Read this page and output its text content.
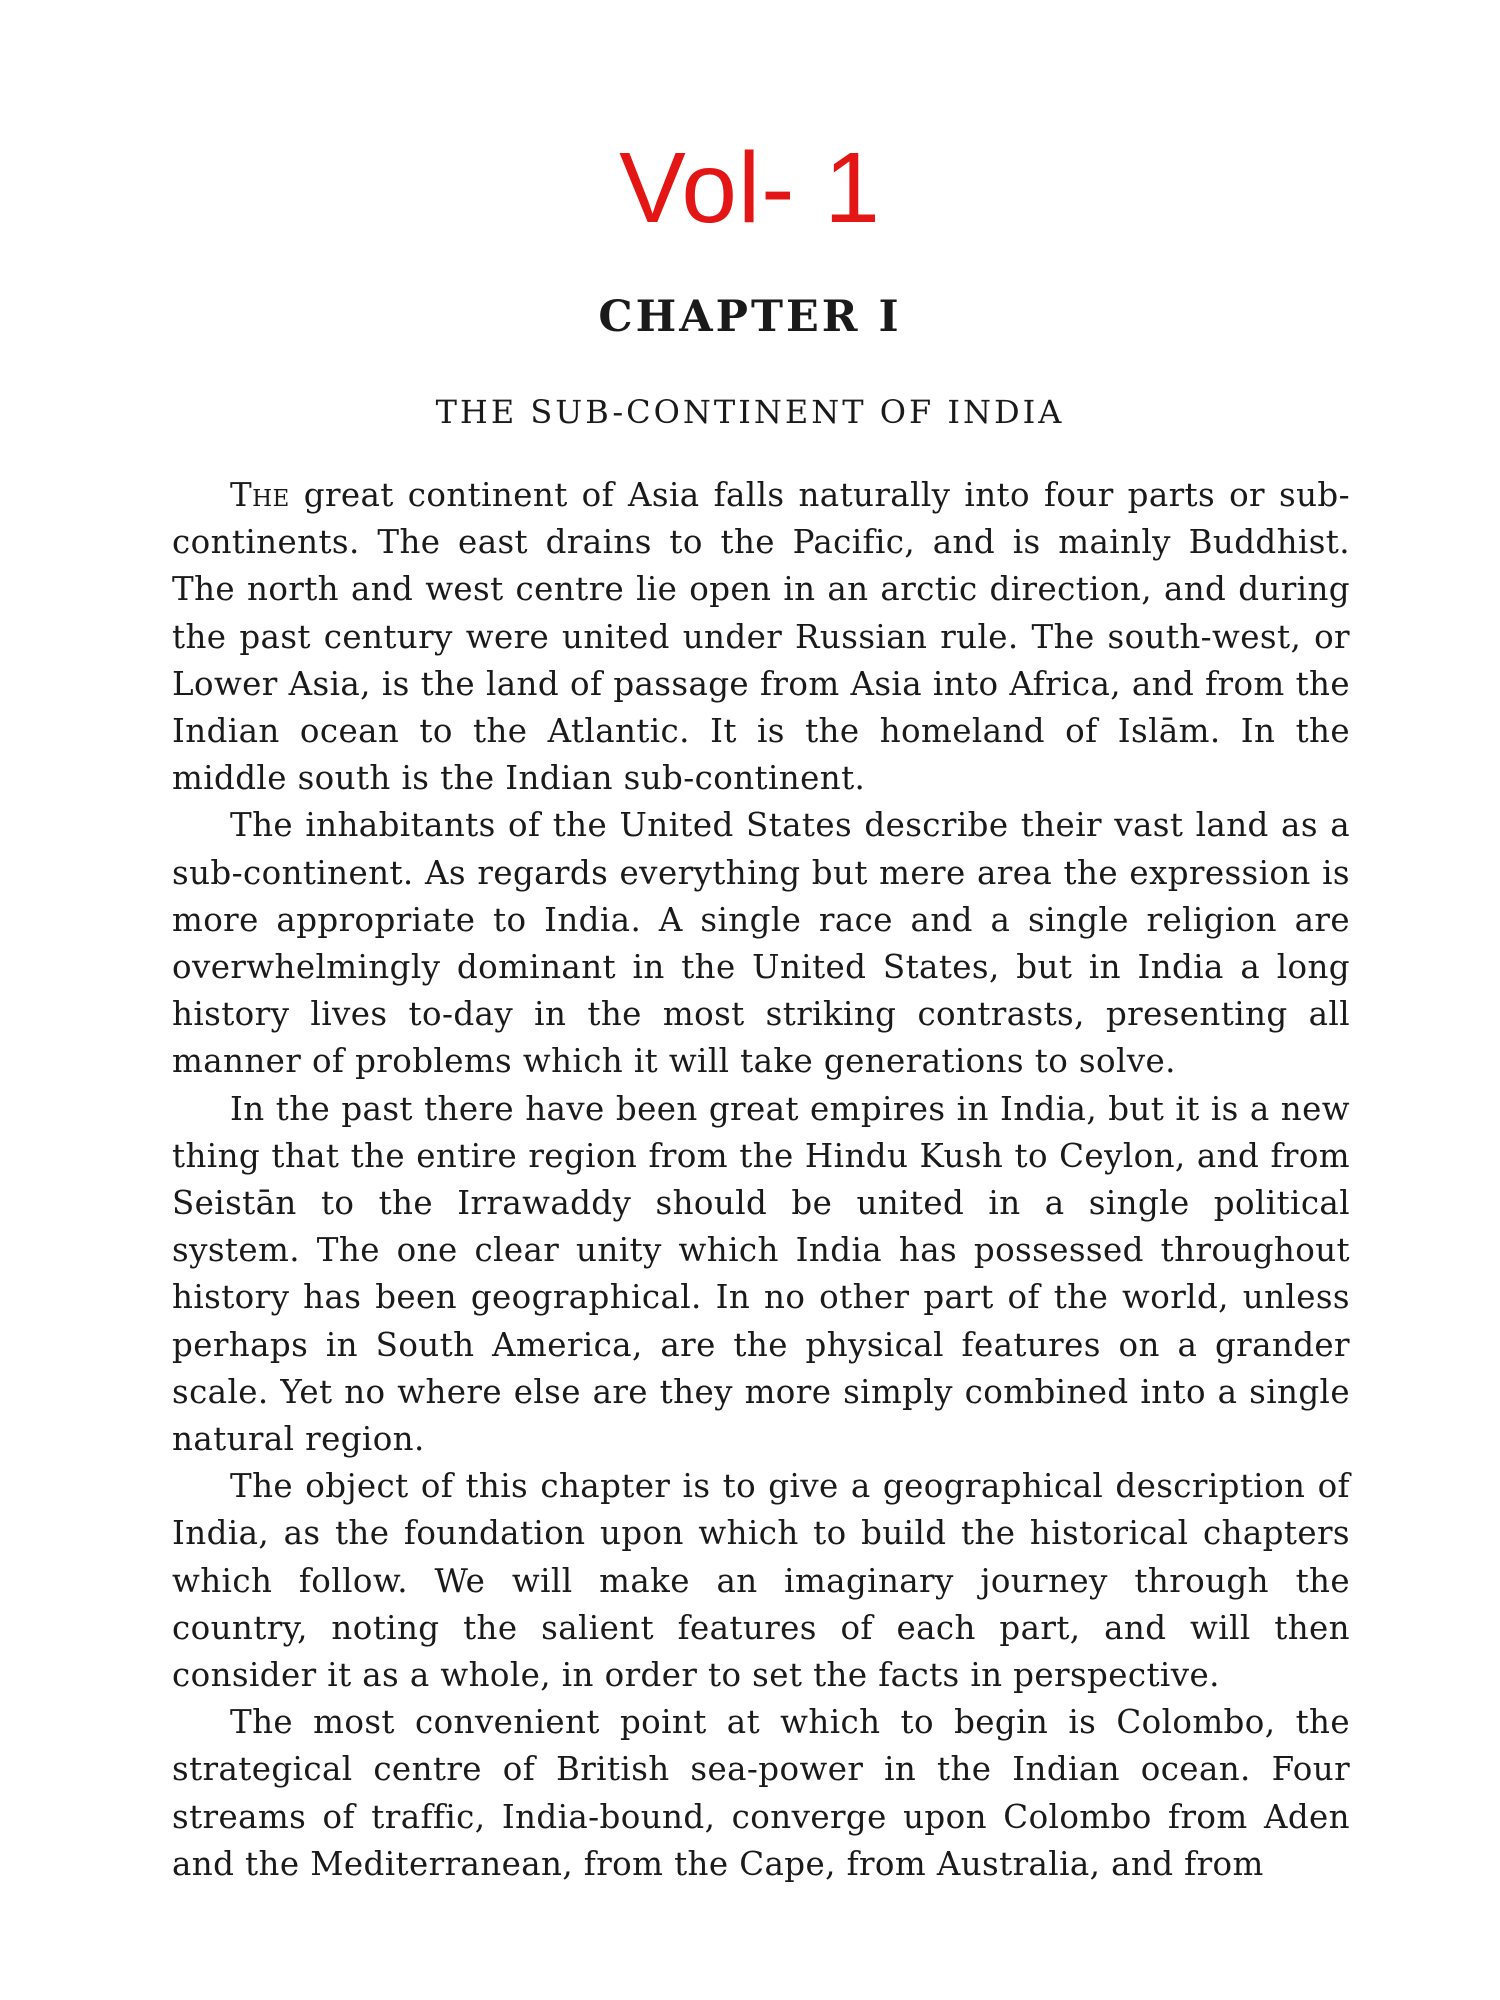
Vol- 1
CHAPTER I
THE SUB-CONTINENT OF INDIA

The great continent of Asia falls naturally into four parts or sub-continents. The east drains to the Pacific, and is mainly Buddhist. The north and west centre lie open in an arctic direction, and during the past century were united under Russian rule. The south-west, or Lower Asia, is the land of passage from Asia into Africa, and from the Indian ocean to the Atlantic. It is the homeland of Islām. In the middle south is the Indian sub-continent.

The inhabitants of the United States describe their vast land as a sub-continent. As regards everything but mere area the expression is more appropriate to India. A single race and a single religion are overwhelmingly dominant in the United States, but in India a long history lives to-day in the most striking contrasts, presenting all manner of problems which it will take generations to solve.

In the past there have been great empires in India, but it is a new thing that the entire region from the Hindu Kush to Ceylon, and from Seistān to the Irrawaddy should be united in a single political system. The one clear unity which India has possessed throughout history has been geographical. In no other part of the world, unless perhaps in South America, are the physical features on a grander scale. Yet no where else are they more simply combined into a single natural region.

The object of this chapter is to give a geographical description of India, as the foundation upon which to build the historical chapters which follow. We will make an imaginary journey through the country, noting the salient features of each part, and will then consider it as a whole, in order to set the facts in perspective.

The most convenient point at which to begin is Colombo, the strategical centre of British sea-power in the Indian ocean. Four streams of traffic, India-bound, converge upon Colombo from Aden and the Mediterranean, from the Cape, from Australia, and from
